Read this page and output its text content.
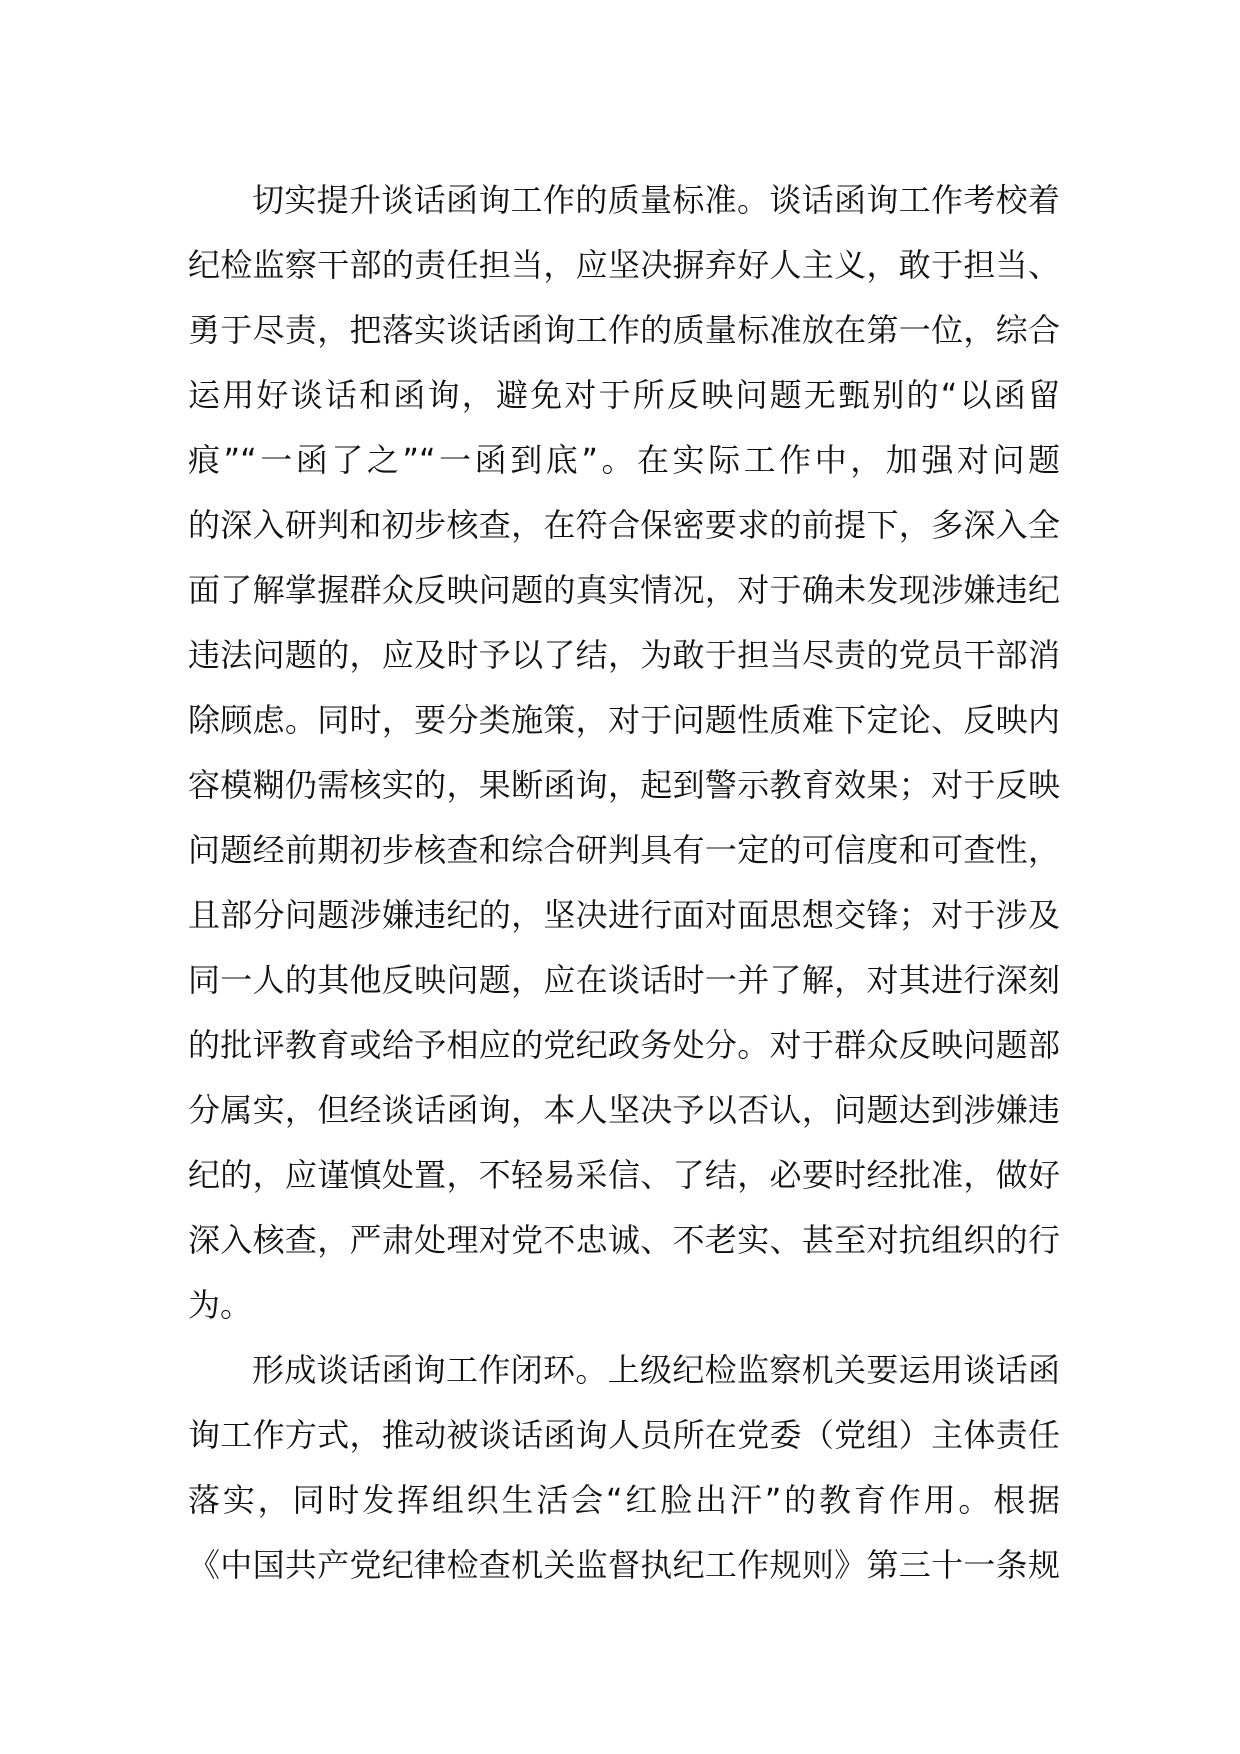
切实提升谈话函询工作的质量标准。谈话函询工作考校着
纪检监察干部的责任担当，应坚决摒弃好人主义，敢于担当、
勇于尽责，把落实谈话函询工作的质量标准放在第一位，综合
运用好谈话和函询，避免对于所反映问题无甄别的“以函留
痕”“一函了之”“一函到底”。在实际工作中，加强对问题
的深入研判和初步核查，在符合保密要求的前提下，多深入全
面了解掌握群众反映问题的真实情况，对于确未发现涉嫌违纪
违法问题的，应及时予以了结，为敢于担当尽责的党员干部消
除顾虑。同时，要分类施策，对于问题性质难下定论、反映内
容模糊仍需核实的，果断函询，起到警示教育效果；对于反映
问题经前期初步核查和综合研判具有一定的可信度和可查性，
且部分问题涉嫌违纪的，坚决进行面对面思想交锋；对于涉及
同一人的其他反映问题，应在谈话时一并了解，对其进行深刻
的批评教育或给予相应的党纪政务处分。对于群众反映问题部
分属实，但经谈话函询，本人坚决予以否认，问题达到涉嫌违
纪的，应谨慎处置，不轻易采信、了结，必要时经批准，做好
深入核查，严肃处理对党不忠诚、不老实、甚至对抗组织的行
为。
形成谈话函询工作闭环。上级纪检监察机关要运用谈话函
询工作方式，推动被谈话函询人员所在党委（党组）主体责任
落实，同时发挥组织生活会“红脸出汗”的教育作用。根据
《中国共产党纪律检查机关监督执纪工作规则》第三十一条规
